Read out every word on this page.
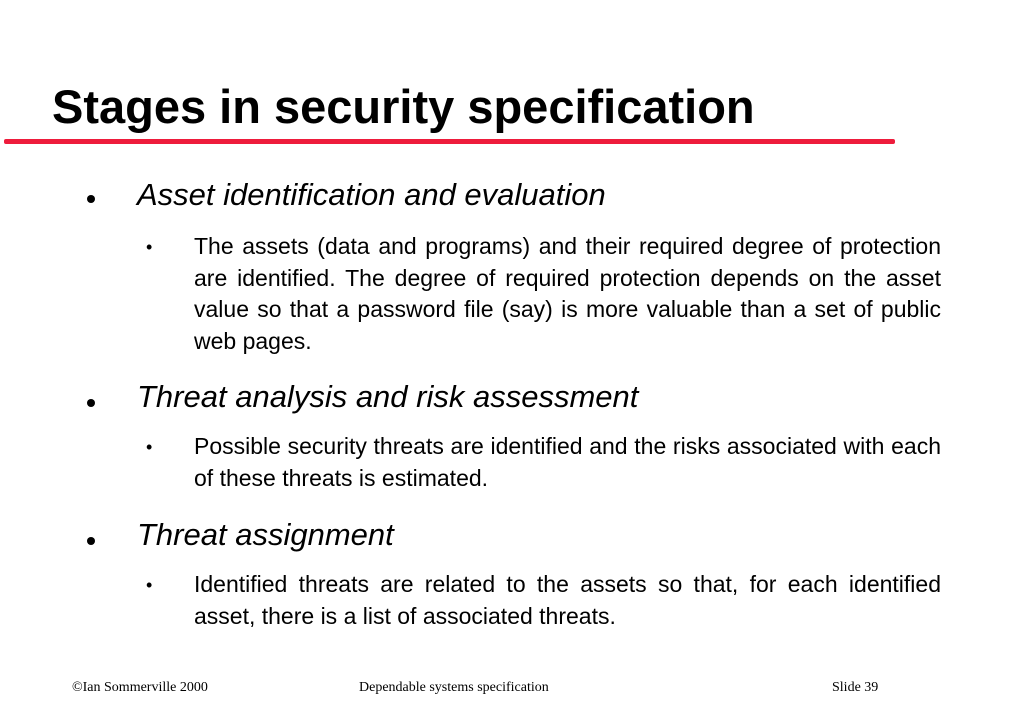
Stages in security specification
Asset identification and evaluation
• The assets (data and programs) and their required degree of protection are identified. The degree of required protection depends on the asset value so that a password file (say) is more valuable than a set of public web pages.
Threat analysis and risk assessment
• Possible security threats are identified and the risks associated with each of these threats is estimated.
Threat assignment
• Identified threats are related to the assets so that, for each identified asset, there is a list of associated threats.
©Ian Sommerville 2000	Dependable systems specification	Slide 39
